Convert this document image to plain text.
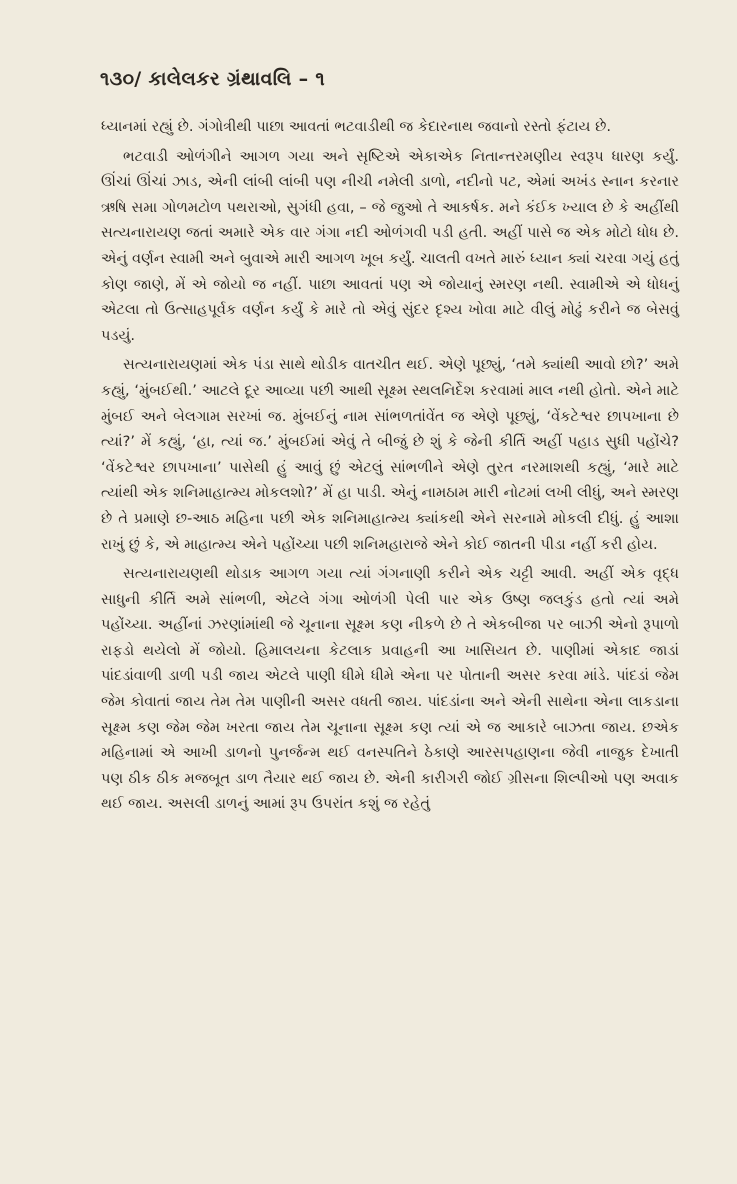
૧૩૦/ કાલેલકર ગ્રંથાવલિ – ૧

ધ્યાનમાં રહ્યું છે. ગંગોત્રીથી પાછા આવતાં ભટવાડીથી જ કેદારનાથ જવાનો રસ્તો ફંટાય છે.

ભટવાડી ઓળંગીને આગળ ગયા અને સૃષ્ટિએ એકાએક નિતાન્તરમણીય સ્વરૂપ ધારણ કર્યું. ઊંચાં ઊંચાં ઝાડ, એની લાંબી લાંબી પણ નીચી નમેલી ડાળો, નદીનો પટ, એમાં અખંડ સ્નાન કરનાર ઋષિ સમા ગોળમટોળ પથરાઓ, સુગંધી હવા, – જે જુઓ તે આકર્ષક. મને કંઈક ખ્યાલ છે કે અહીંથી સત્યનારાયણ જતાં અમારે એક વાર ગંગા નદી ઓળંગવી પડી હતી. અહીં પાસે જ એક મોટો ધોધ છે. એનું વર્ણન સ્વામી અને બુવાએ મારી આગળ ખૂબ કર્યું. ચાલતી વખતે મારું ધ્યાન ક્યાં ચરવા ગયું હતું કોણ જાણે, મેં એ જોયો જ નહીં. પાછા આવતાં પણ એ જોયાનું સ્મરણ નથી. સ્વામીએ એ ધોધનું એટલા તો ઉત્સાહપૂર્વક વર્ણન કર્યું કે મારે તો એવું સુંદર દૃશ્ય ખોવા માટે વીલું મોઢું કરીને જ બેસવું પડયું.

સત્યનારાયણમાં એક પંડા સાથે થોડીક વાતચીત થઈ. એણે પૂછ્યું, ‘તમે ક્યાંથી આવો છો?’ અમે કહ્યું, ‘મુંબઈથી.’ આટલે દૂર આવ્યા પછી આથી સૂક્ષ્મ સ્થલનિર્દેશ કરવામાં માલ નથી હોતો. એને માટે મુંબઈ અને બેલગામ સરખાં જ. મુંબઈનું નામ સાંભળતાંવેંત જ એણે પૂછ્યું, ‘વેંકટેશ્વર છાપખાના છે ત્યાં?’ મેં કહ્યું, ‘હા, ત્યાં જ.’ મુંબઈમાં એવું તે બીજું છે શું કે જેની કીર્તિ અહીં પહાડ સુધી પહોંચે? ‘વેંકટેશ્વર છાપખાના’ પાસેથી હું આવું છું એટલું સાંભળીને એણે તુરત નરમાશથી કહ્યું, ‘મારે માટે ત્યાંથી એક શનિમાહાત્મ્ય મોકલશો?’ મેં હા પાડી. એનું નામઠામ મારી નોટમાં લખી લીધું, અને સ્મરણ છે તે પ્રમાણે છ-આઠ મહિના પછી એક શનિમાહાત્મ્ય ક્યાંકથી એને સરનામે મોકલી દીધું. હું આશા રાખું છું કે, એ માહાત્મ્ય એને પહોંચ્યા પછી શનિમહારાજે એને કોઈ જાતની પીડા નહીં કરી હોય.

સત્યનારાયણથી થોડાક આગળ ગયા ત્યાં ગંગનાણી કરીને એક ચટ્ટી આવી. અહીં એક વૃદ્ધ સાધુની કીર્તિ અમે સાંભળી, એટલે ગંગા ઓળંગી પેલી પાર એક ઉષ્ણ જલકુંડ હતો ત્યાં અમે પહોંચ્યા. અહીંનાં ઝરણાંમાંથી જે ચૂનાના સૂક્ષ્મ કણ નીકળે છે તે એકબીજા પર બાઝી એનો રૂપાળો રાફડો થયેલો મેં જોયો. હિમાલયના કેટલાક પ્રવાહની આ ખાસિયત છે. પાણીમાં એકાદ જાડાં પાંદડાંવાળી ડાળી પડી જાય એટલે પાણી ધીમે ધીમે એના પર પોતાની અસર કરવા માંડે. પાંદડાં જેમ જેમ કોવાતાં જાય તેમ તેમ પાણીની અસર વધતી જાય. પાંદડાંના અને એની સાથેના એના લાકડાના સૂક્ષ્મ કણ જેમ જેમ ખરતા જાય તેમ ચૂનાના સૂક્ષ્મ કણ ત્યાં એ જ આકારે બાઝતા જાય. છએક મહિનામાં એ આખી ડાળનો પુનર્જન્મ થઈ વનસ્પતિને ઠેકાણે આરસપહાણના જેવી નાજુક દેખાતી પણ ઠીક ઠીક મજબૂત ડાળ તૈયાર થઈ જાય છે. એની કારીગરી જોઈ ગ્રીસના શિલ્પીઓ પણ અવાક થઈ જાય. અસલી ડાળનું આમાં રૂપ ઉપરાંત કશું જ રહેતું
